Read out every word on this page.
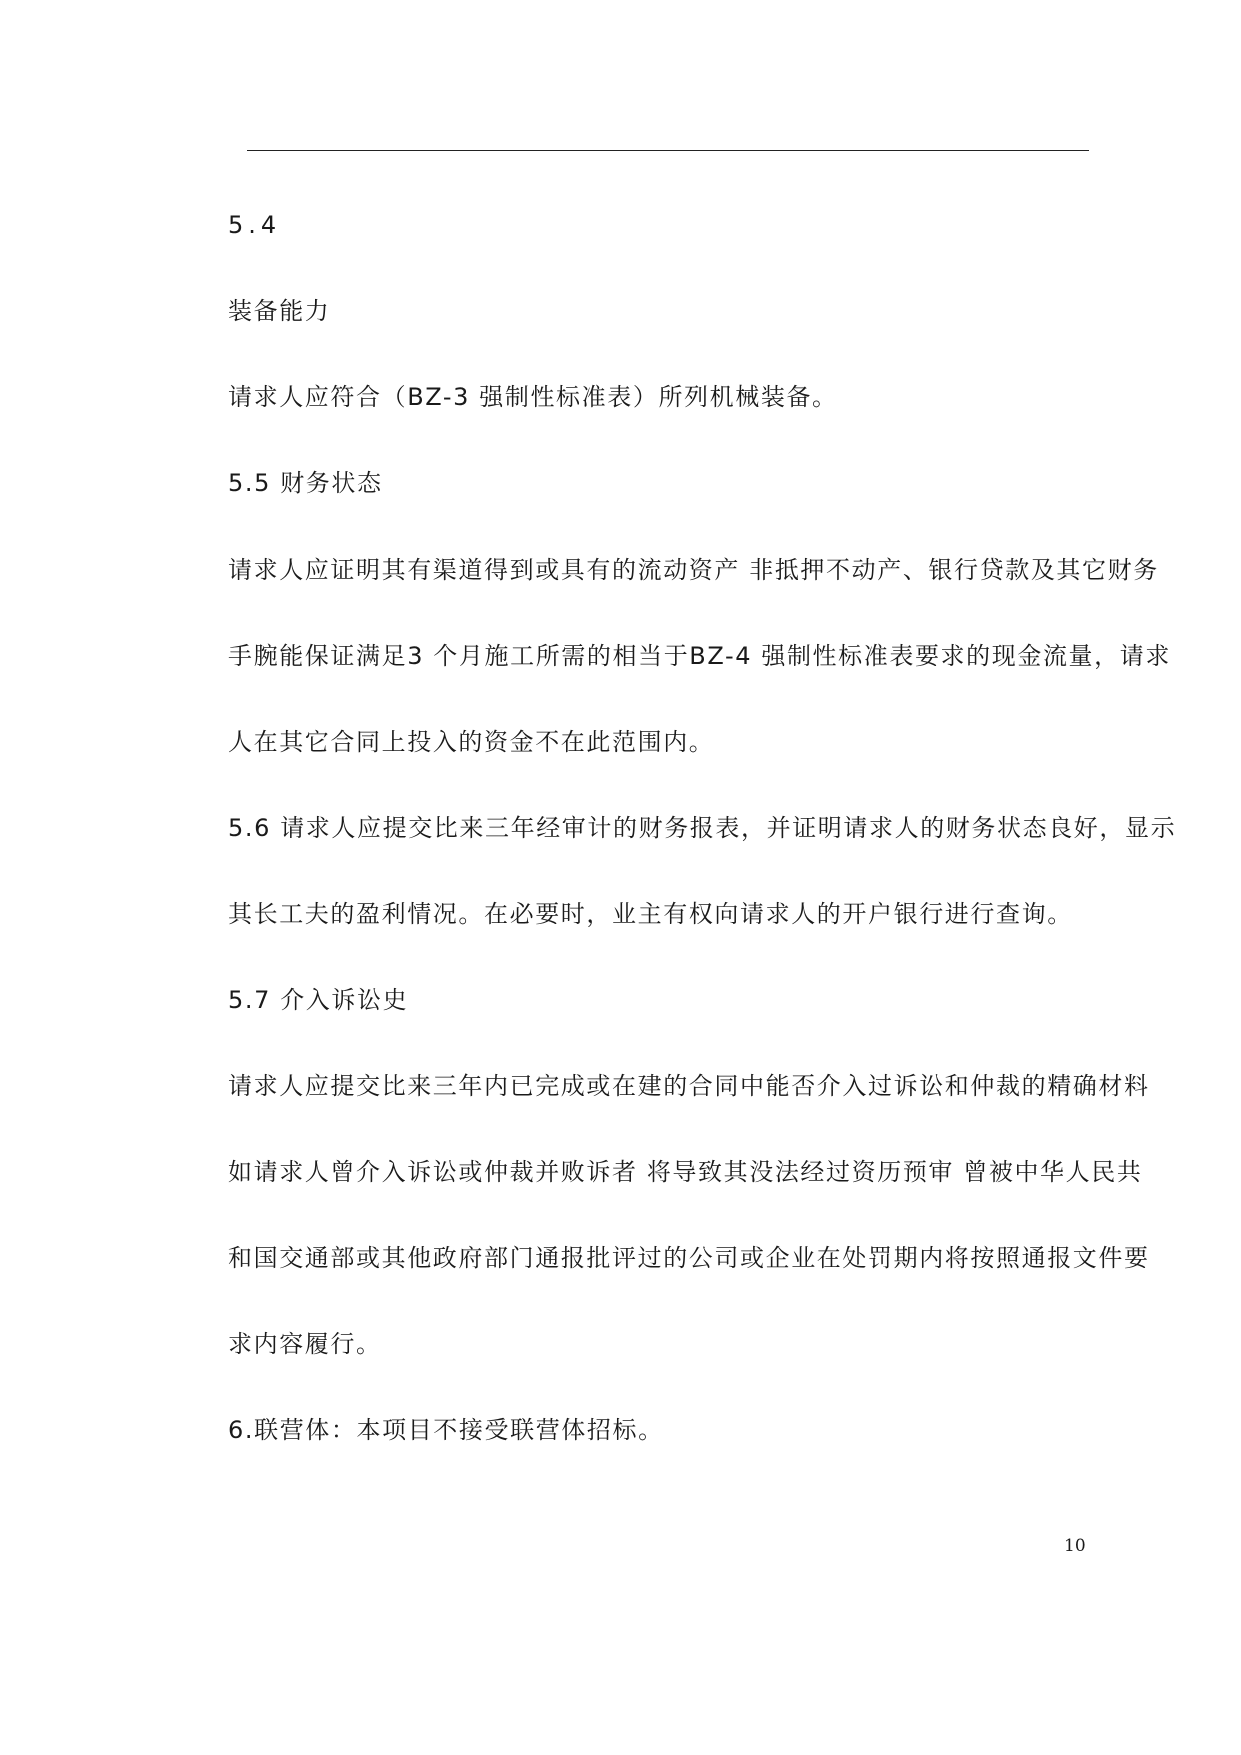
5.4
装备能力
请求人应符合（BZ-3 强制性标准表）所列机械装备。
5.5 财务状态
请求人应证明其有渠道得到或具有的流动资产 非抵押不动产、银行贷款及其它财务
手腕能保证满足3 个月施工所需的相当于BZ-4 强制性标准表要求的现金流量，请求
人在其它合同上投入的资金不在此范围内。
5.6 请求人应提交比来三年经审计的财务报表，并证明请求人的财务状态良好，显示
其长工夫的盈利情况。在必要时，业主有权向请求人的开户银行进行查询。
5.7 介入诉讼史
请求人应提交比来三年内已完成或在建的合同中能否介入过诉讼和仲裁的精确材料
如请求人曾介入诉讼或仲裁并败诉者 将导致其没法经过资历预审 曾被中华人民共
和国交通部或其他政府部门通报批评过的公司或企业在处罚期内将按照通报文件要
求内容履行。
6.联营体：本项目不接受联营体招标。
10
